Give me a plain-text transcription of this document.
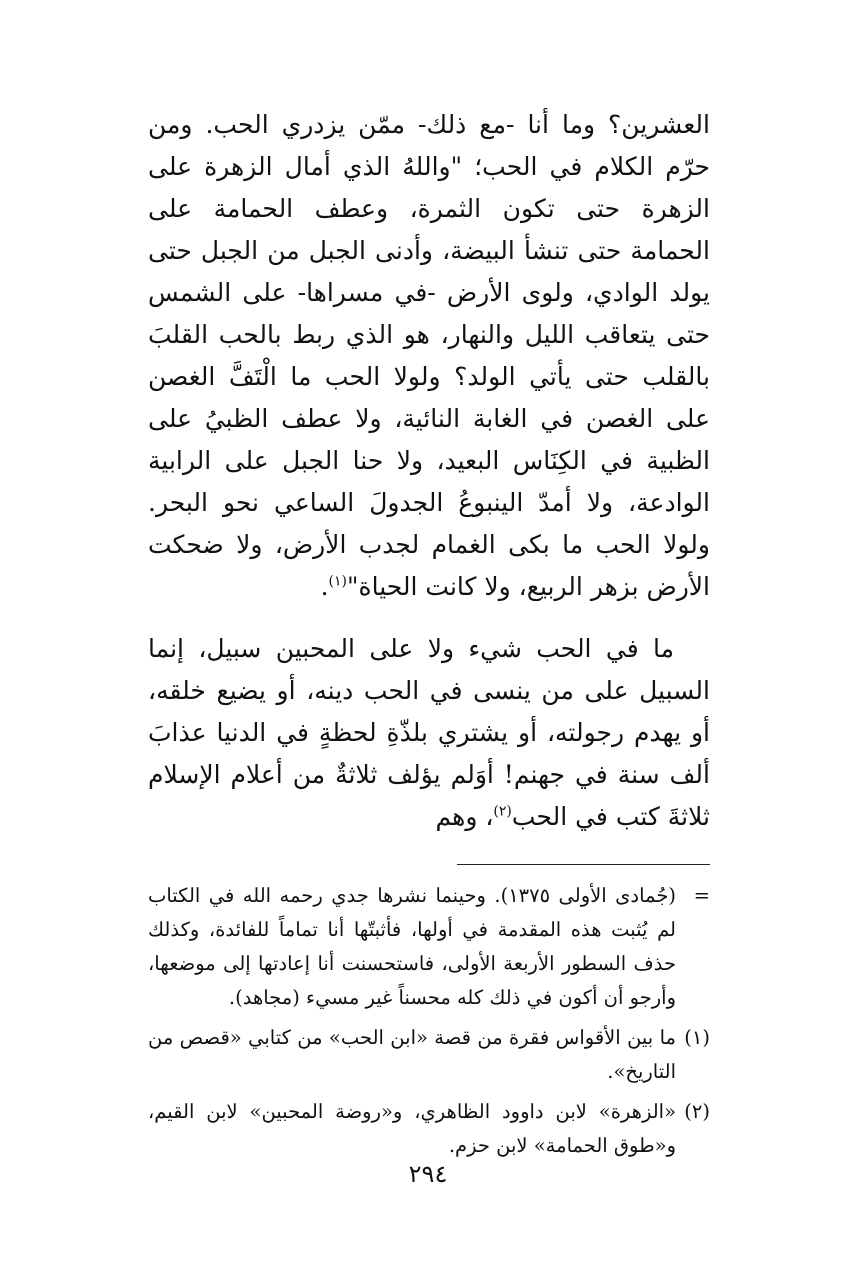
العشرين؟ وما أنا -مع ذلك- ممّن يزدري الحب. ومن حرّم الكلام في الحب؛ "واللهُ الذي أمال الزهرة على الزهرة حتى تكون الثمرة، وعطف الحمامة على الحمامة حتى تنشأ البيضة، وأدنى الجبل من الجبل حتى يولد الوادي، ولوى الأرض -في مسراها- على الشمس حتى يتعاقب الليل والنهار، هو الذي ربط بالحب القلبَ بالقلب حتى يأتي الولد؟ ولولا الحب ما الْتَفَّ الغصن على الغصن في الغابة النائية، ولا عطف الظبيُ على الظبية في الكِنَاس البعيد، ولا حنا الجبل على الرابية الوادعة، ولا أمدّ الينبوعُ الجدولَ الساعي نحو البحر. ولولا الحب ما بكى الغمام لجدب الأرض، ولا ضحكت الأرض بزهر الربيع، ولا كانت الحياة"$^{(١)}$.

ما في الحب شيء ولا على المحبين سبيل، إنما السبيل على من ينسى في الحب دينه، أو يضيع خلقه، أو يهدم رجولته، أو يشتري بلذّةِ لحظةٍ في الدنيا عذابَ ألف سنة في جهنم! أوَلم يؤلف ثلاثةٌ من أعلام الإسلام ثلاثةَ كتب في الحب$^{(٢)}$، وهم

=
(جُمادى الأولى ١٣٧٥). وحينما نشرها جدي رحمه الله في الكتاب لم يُثبت هذه المقدمة في أولها، فأثبتّها أنا تماماً للفائدة، وكذلك حذف السطور الأربعة الأولى، فاستحسنت أنا إعادتها إلى موضعها، وأرجو أن أكون في ذلك كله محسناً غير مسيء (مجاهد).
(١)
ما بين الأقواس فقرة من قصة «ابن الحب» من كتابي «قصص من التاريخ».
(٢)
«الزهرة» لابن داوود الظاهري، و«روضة المحبين» لابن القيم، و«طوق الحمامة» لابن حزم.
٢٩٤
